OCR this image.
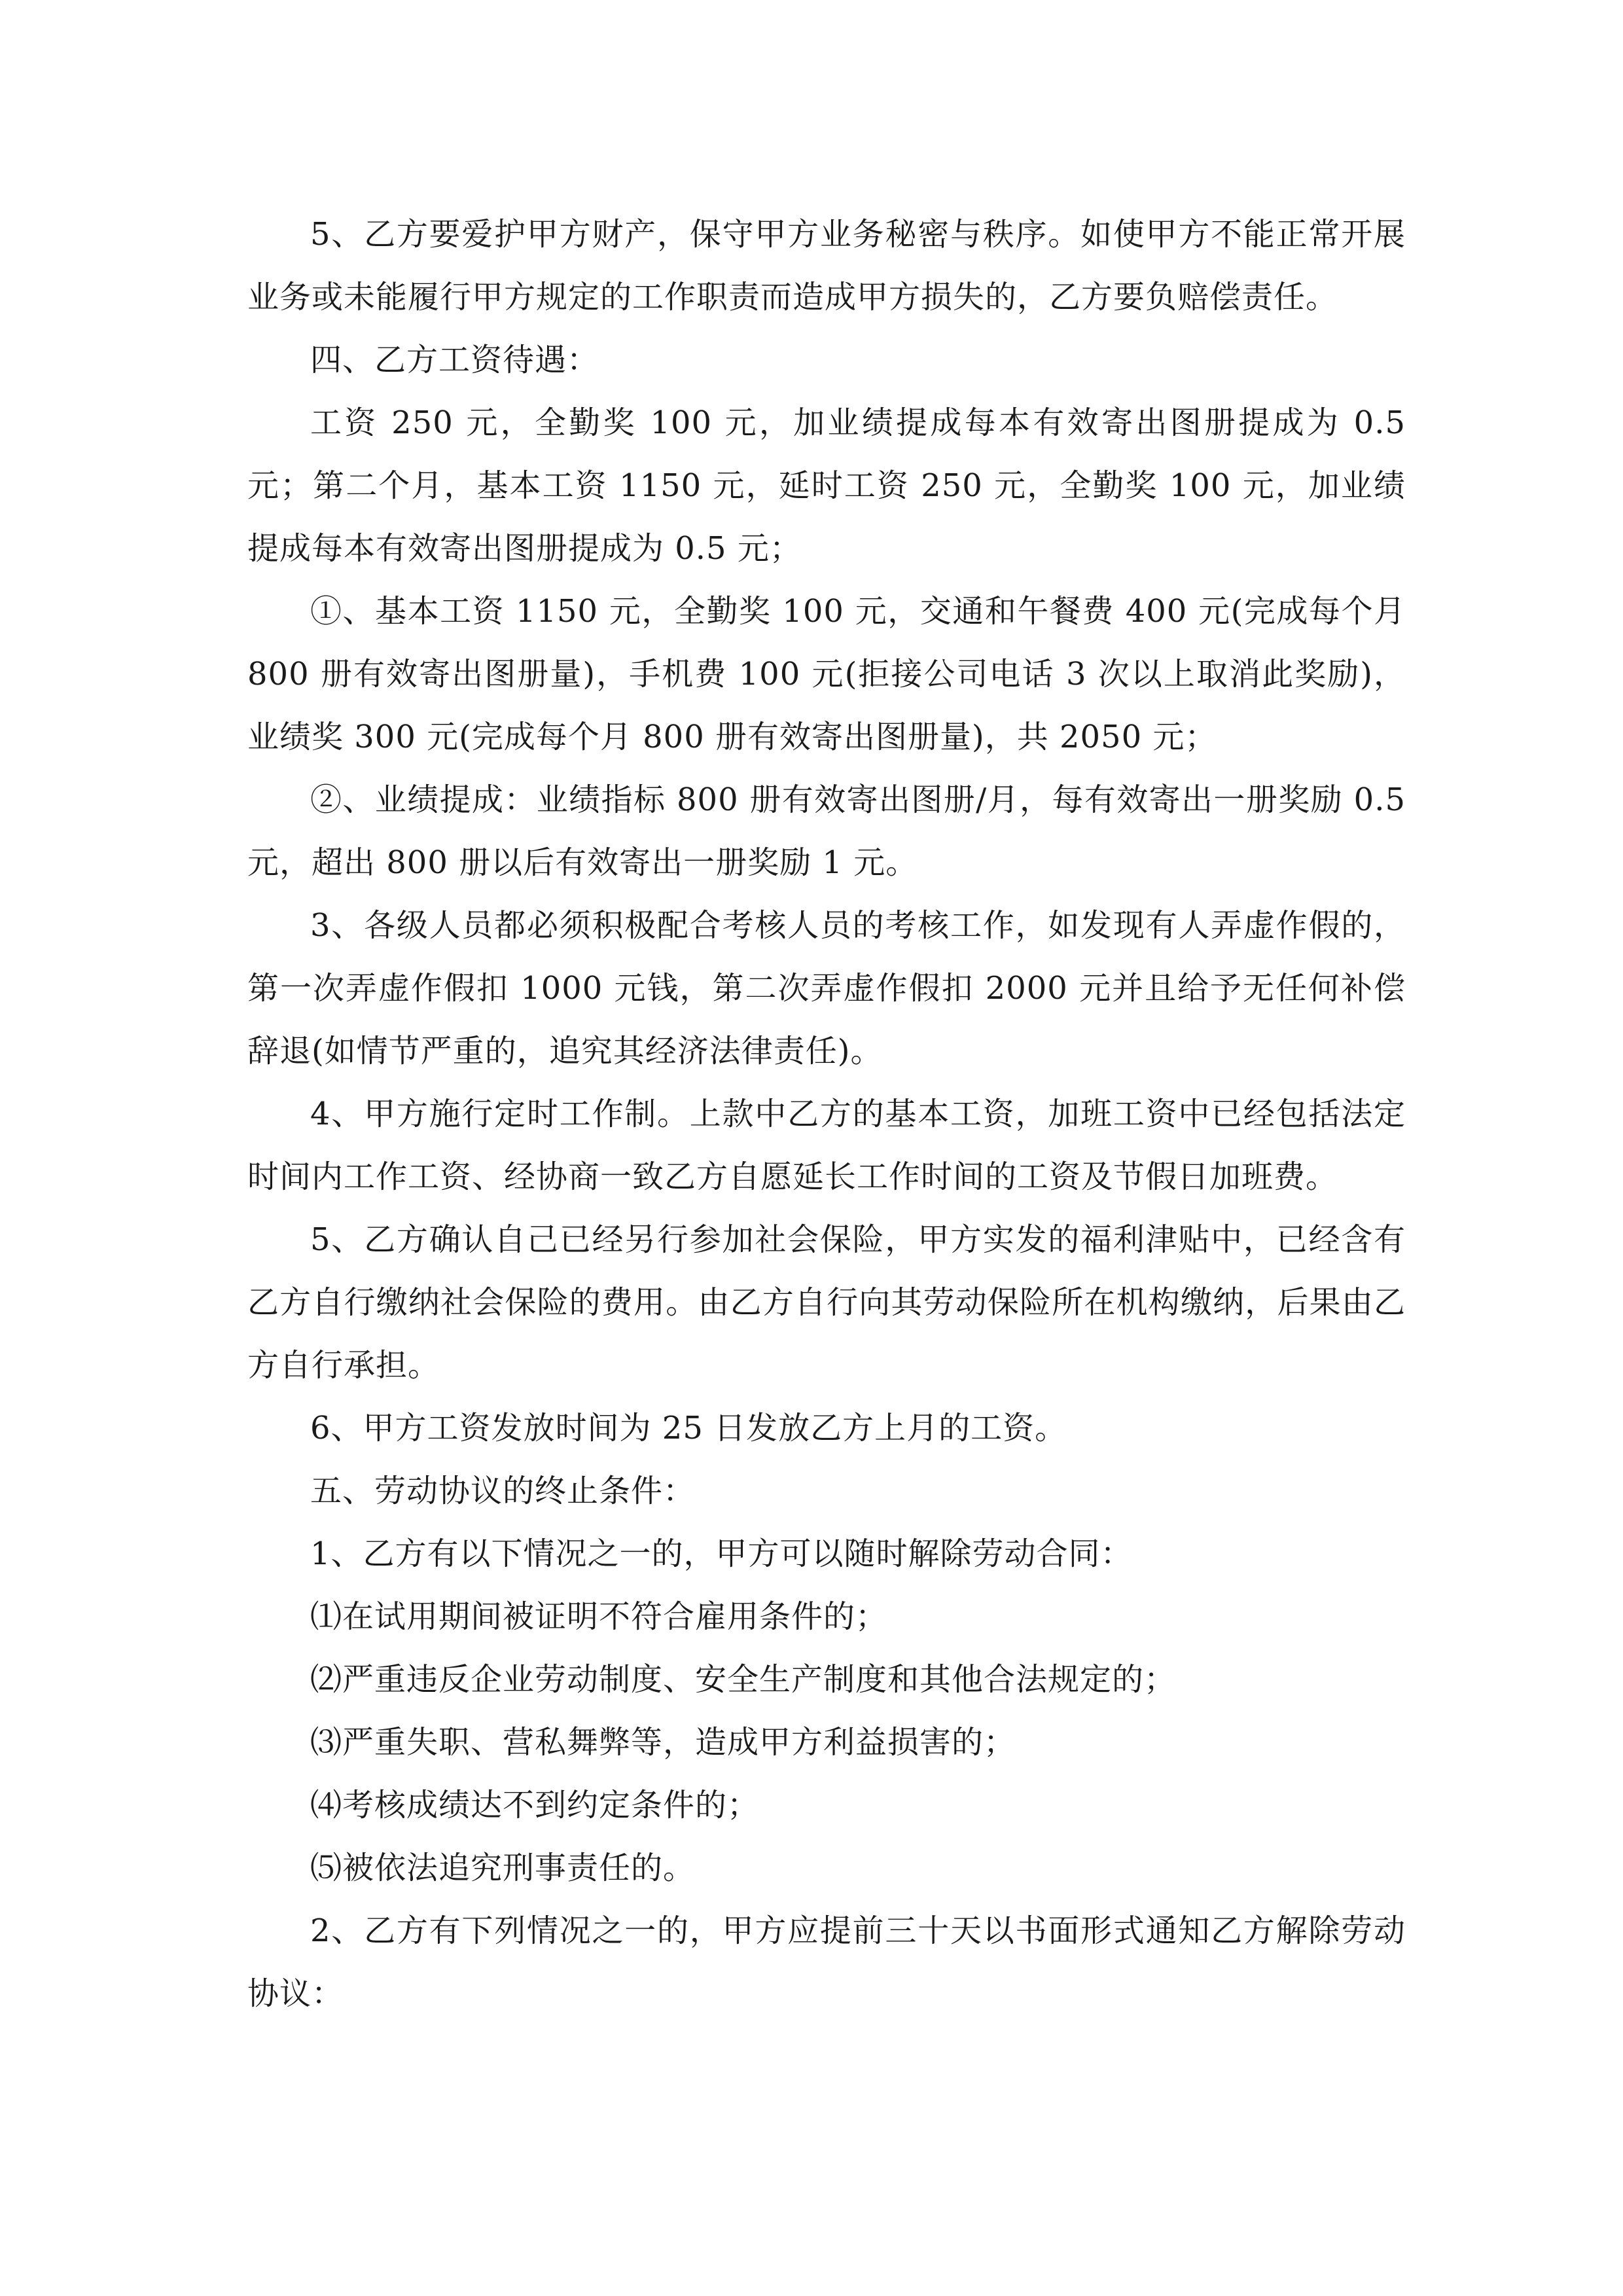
5、乙方要爱护甲方财产，保守甲方业务秘密与秩序。如使甲方不能正常开展业务或未能履行甲方规定的工作职责而造成甲方损失的，乙方要负赔偿责任。

四、乙方工资待遇：

工资 250 元，全勤奖 100 元，加业绩提成每本有效寄出图册提成为 0.5 元；第二个月，基本工资 1150 元，延时工资 250 元，全勤奖 100 元，加业绩提成每本有效寄出图册提成为 0.5 元；

①、基本工资 1150 元，全勤奖 100 元，交通和午餐费 400 元(完成每个月 800 册有效寄出图册量)，手机费 100 元(拒接公司电话 3 次以上取消此奖励)，业绩奖 300 元(完成每个月 800 册有效寄出图册量)，共 2050 元；

②、业绩提成：业绩指标 800 册有效寄出图册/月，每有效寄出一册奖励 0.5 元，超出 800 册以后有效寄出一册奖励 1 元。

3、各级人员都必须积极配合考核人员的考核工作，如发现有人弄虚作假的，第一次弄虚作假扣 1000 元钱，第二次弄虚作假扣 2000 元并且给予无任何补偿辞退(如情节严重的，追究其经济法律责任)。

4、甲方施行定时工作制。上款中乙方的基本工资，加班工资中已经包括法定时间内工作工资、经协商一致乙方自愿延长工作时间的工资及节假日加班费。

5、乙方确认自己已经另行参加社会保险，甲方实发的福利津贴中，已经含有乙方自行缴纳社会保险的费用。由乙方自行向其劳动保险所在机构缴纳，后果由乙方自行承担。

6、甲方工资发放时间为 25 日发放乙方上月的工资。

五、劳动协议的终止条件：

1、乙方有以下情况之一的，甲方可以随时解除劳动合同：

⑴在试用期间被证明不符合雇用条件的；

⑵严重违反企业劳动制度、安全生产制度和其他合法规定的；

⑶严重失职、营私舞弊等，造成甲方利益损害的；

⑷考核成绩达不到约定条件的；

⑸被依法追究刑事责任的。

2、乙方有下列情况之一的，甲方应提前三十天以书面形式通知乙方解除劳动协议：
